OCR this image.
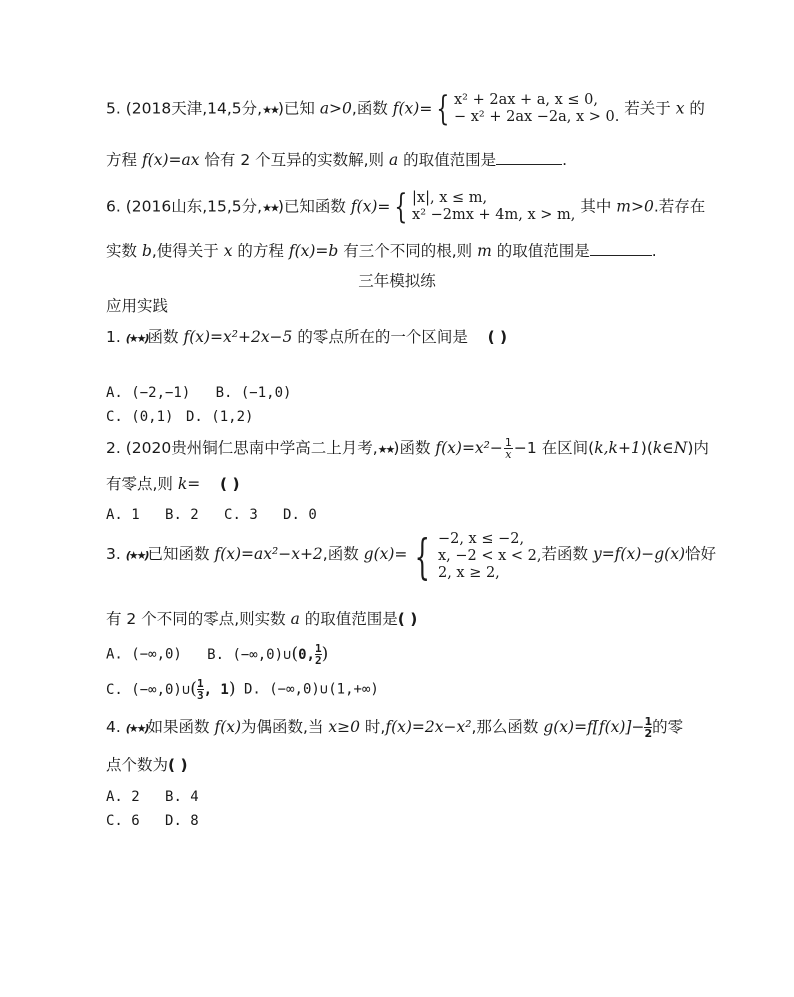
5. (2018天津,14,5分,★★)已知 a>0,函数 f(x)= { x² + 2ax + a, x ≤ 0,
− x² + 2ax −2a, x > 0. 若关于 x 的
方程 f(x)=ax 恰有 2 个互异的实数解,则 a 的取值范围是	.
6. (2016山东,15,5分,★★)已知函数 f(x)= { |x|, x ≤ m,
x² −2mx + 4m, x > m, 其中 m>0.若存在
实数 b,使得关于 x 的方程 f(x)=b 有三个不同的根,则 m 的取值范围是	.
三年模拟练
应用实践
1. (★★)函数 f(x)=x²+2x−5 的零点所在的一个区间是 ( )
A. (−2,−1) B. (−1,0)
C. (0,1) D. (1,2)
2. (2020贵州铜仁思南中学高二上月考,★★)函数 $f(x)=x^2- \frac{1}{x} -1$ 在区间(k,k+1)(k∈N)内
有零点,则 k= ( )
A. 1 B. 2 C. 3 D. 0
3. (★★)已知函数 f(x)=ax²−x+2,函数 g(x)= { −2, x ≤ −2,
x, −2 < x < 2,
2, x ≥ 2,
若函数 y=f(x)−g(x)恰好
有 2 个不同的零点,则实数 a 的取值范围是( )
A. (−∞,0) B. (−∞,0)∪(0, $\frac{1}{2}$ )
C. (−∞,0)∪( $\frac{1}{3}$ , 1) D. (−∞,0)∪(1,+∞)
4. (★★)如果函数 f(x)为偶函数,当 x≥0 时,f(x)=2x−x²,那么函数 $g(x)=f[f(x)]- \frac{1}{2}$ 的零
点个数为( )
A. 2 B. 4
C. 6 D. 8
